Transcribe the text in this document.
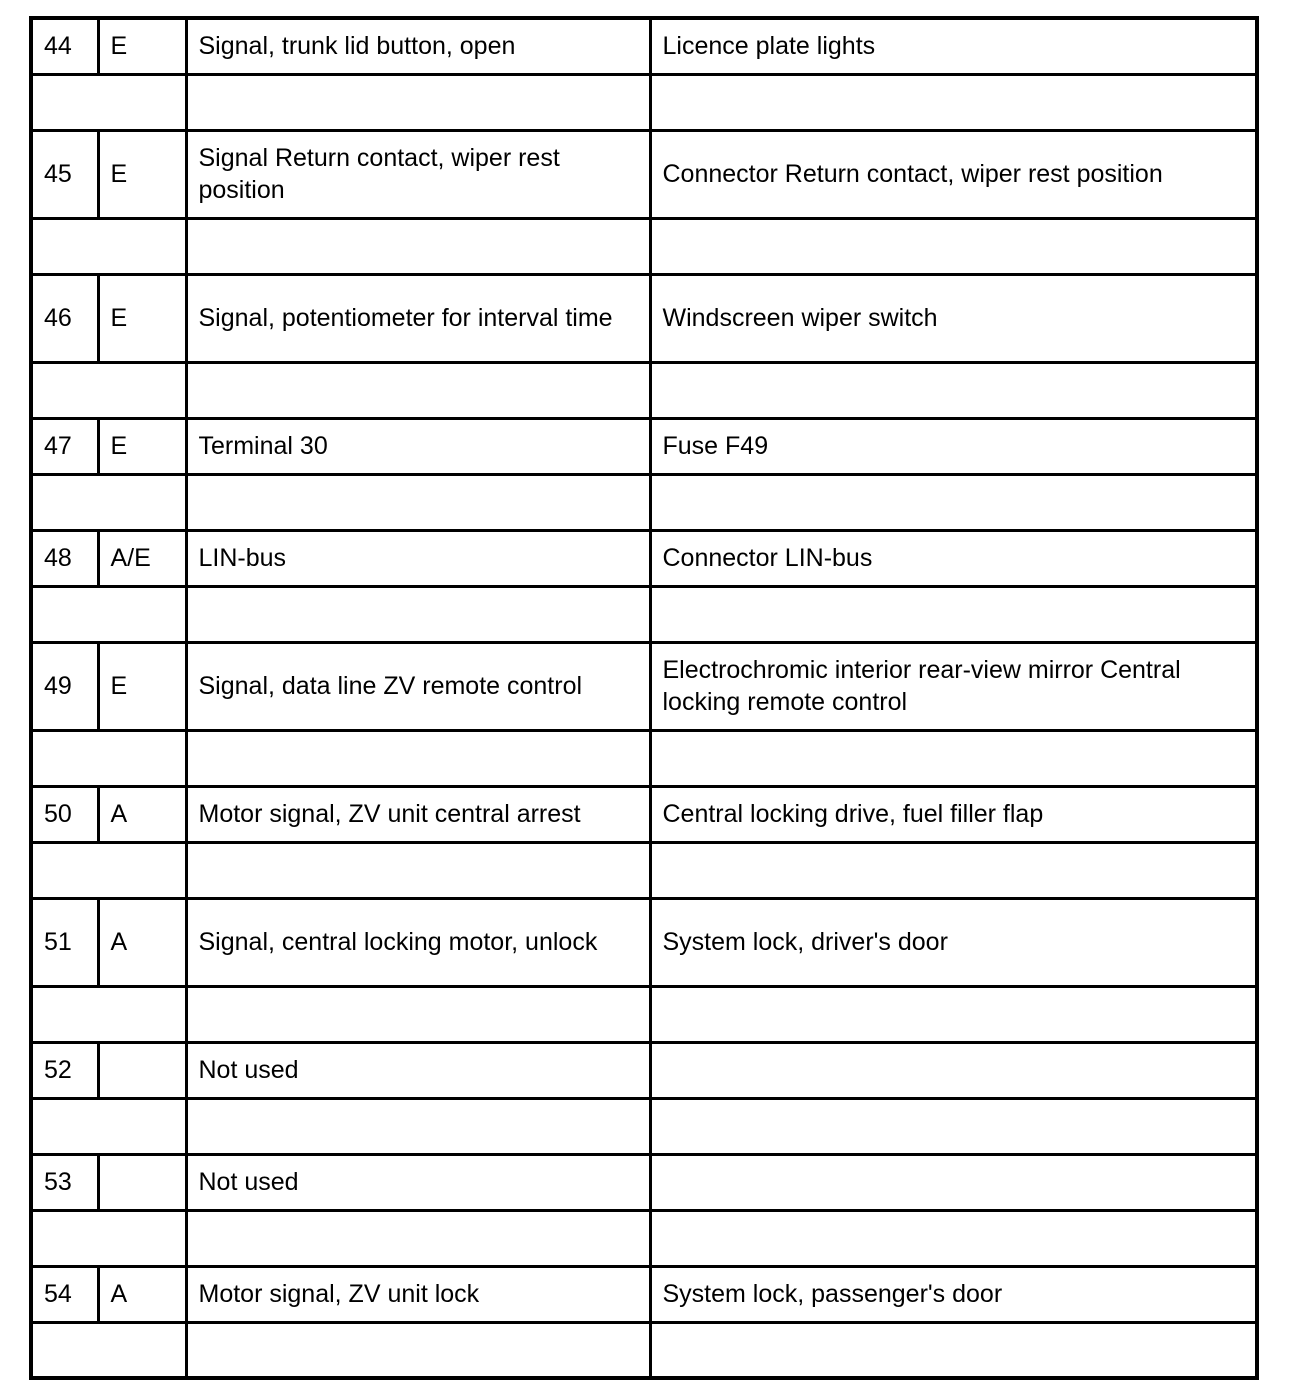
44	E	Signal, trunk lid button, open	Licence plate lights

45	E	Signal Return contact, wiper rest position	Connector Return contact, wiper rest position

46	E	Signal, potentiometer for interval time	Windscreen wiper switch

47	E	Terminal 30	Fuse F49

48	A/E	LIN-bus	Connector LIN-bus

49	E	Signal, data line ZV remote control	Electrochromic interior rear-view mirror Central locking remote control

50	A	Motor signal, ZV unit central arrest	Central locking drive, fuel filler flap

51	A	Signal, central locking motor, unlock	System lock, driver's door

52		Not used	

53		Not used	

54	A	Motor signal, ZV unit lock	System lock, passenger's door
